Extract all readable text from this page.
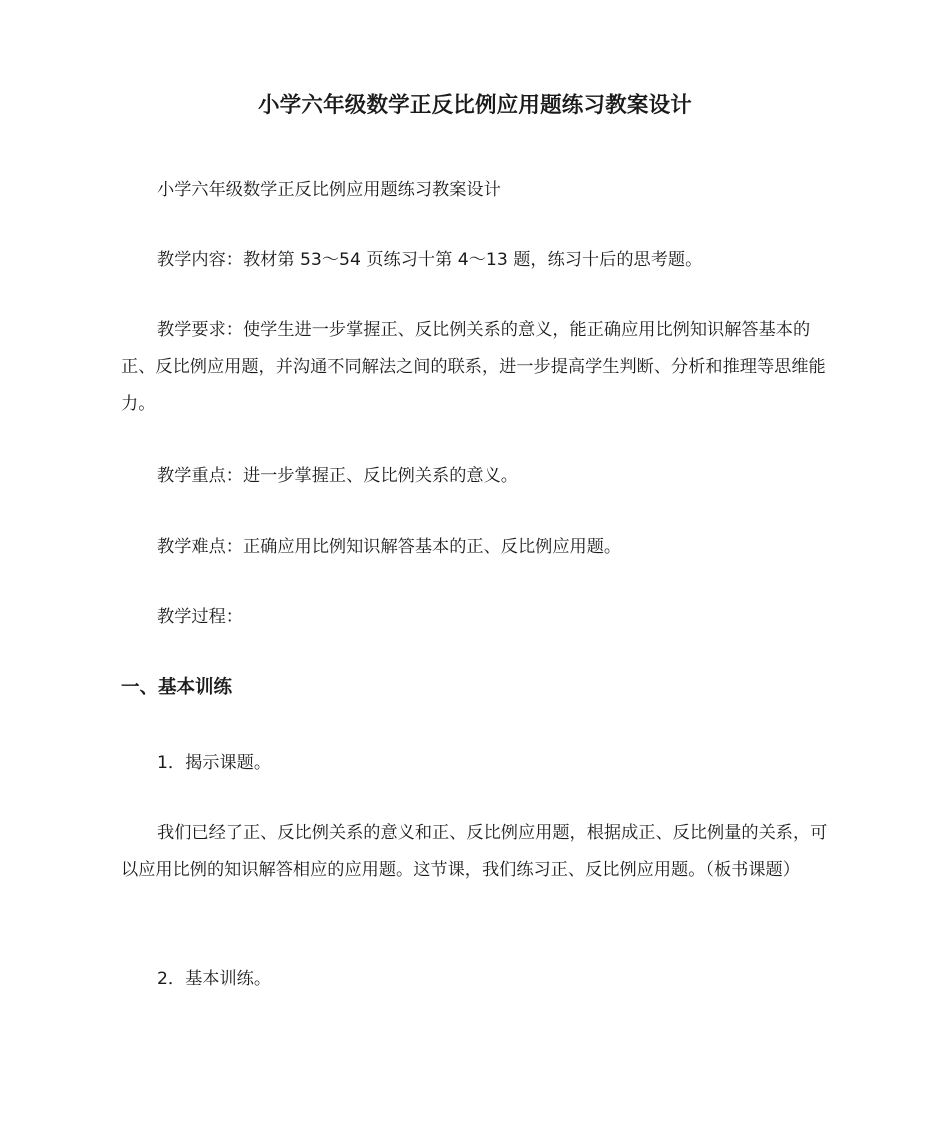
小学六年级数学正反比例应用题练习教案设计
小学六年级数学正反比例应用题练习教案设计
教学内容：教材第 53～54 页练习十第 4～13 题，练习十后的思考题。
教学要求：使学生进一步掌握正、反比例关系的意义，能正确应用比例知识解答基本的正、反比例应用题，并沟通不同解法之间的联系，进一步提高学生判断、分析和推理等思维能力。
教学重点：进一步掌握正、反比例关系的意义。
教学难点：正确应用比例知识解答基本的正、反比例应用题。
教学过程：
一、基本训练
1．揭示课题。
我们已经了正、反比例关系的意义和正、反比例应用题，根据成正、反比例量的关系，可以应用比例的知识解答相应的应用题。这节课，我们练习正、反比例应用题。（板书课题）
2．基本训练。
